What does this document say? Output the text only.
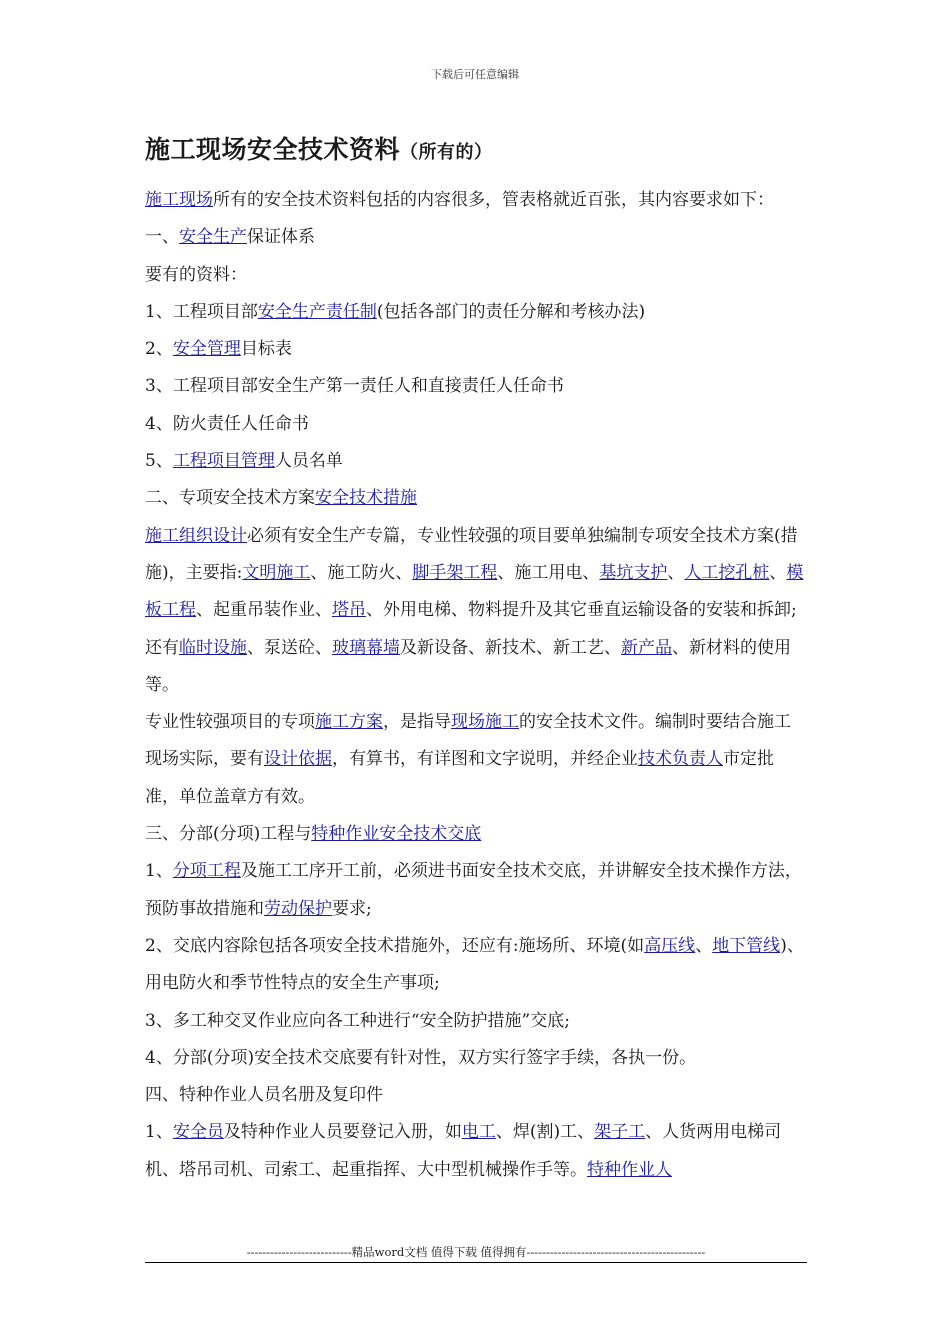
下载后可任意编辑
施工现场安全技术资料（所有的）

施工现场所有的安全技术资料包括的内容很多，管表格就近百张，其内容要求如下：

一、安全生产保证体系

要有的资料：

1、工程项目部安全生产责任制(包括各部门的责任分解和考核办法)

2、安全管理目标表

3、工程项目部安全生产第一责任人和直接责任人任命书

4、防火责任人任命书

5、工程项目管理人员名单

二、专项安全技术方案安全技术措施

施工组织设计必须有安全生产专篇，专业性较强的项目要单独编制专项安全技术方案(措施)，主要指:文明施工、施工防火、脚手架工程、施工用电、基坑支护、人工挖孔桩、模板工程、起重吊装作业、塔吊、外用电梯、物料提升及其它垂直运输设备的安装和拆卸;还有临时设施、泵送砼、玻璃幕墙及新设备、新技术、新工艺、新产品、新材料的使用等。

专业性较强项目的专项施工方案，是指导现场施工的安全技术文件。编制时要结合施工现场实际，要有设计依据，有算书，有详图和文字说明，并经企业技术负责人市定批准，单位盖章方有效。

三、分部(分项)工程与特种作业安全技术交底

1、分项工程及施工工序开工前，必须进书面安全技术交底，并讲解安全技术操作方法，预防事故措施和劳动保护要求;

2、交底内容除包括各项安全技术措施外，还应有:施场所、环境(如高压线、地下管线)、用电防火和季节性特点的安全生产事项;

3、多工种交叉作业应向各工种进行“安全防护措施”交底;

4、分部(分项)安全技术交底要有针对性，双方实行签字手续，各执一份。

四、特种作业人员名册及复印件

1、安全员及特种作业人员要登记入册，如电工、焊(割)工、架子工、人货两用电梯司机、塔吊司机、司索工、起重指挥、大中型机械操作手等。特种作业人

---------------------------精品word文档 值得下载 值得拥有----------------------------------------------
